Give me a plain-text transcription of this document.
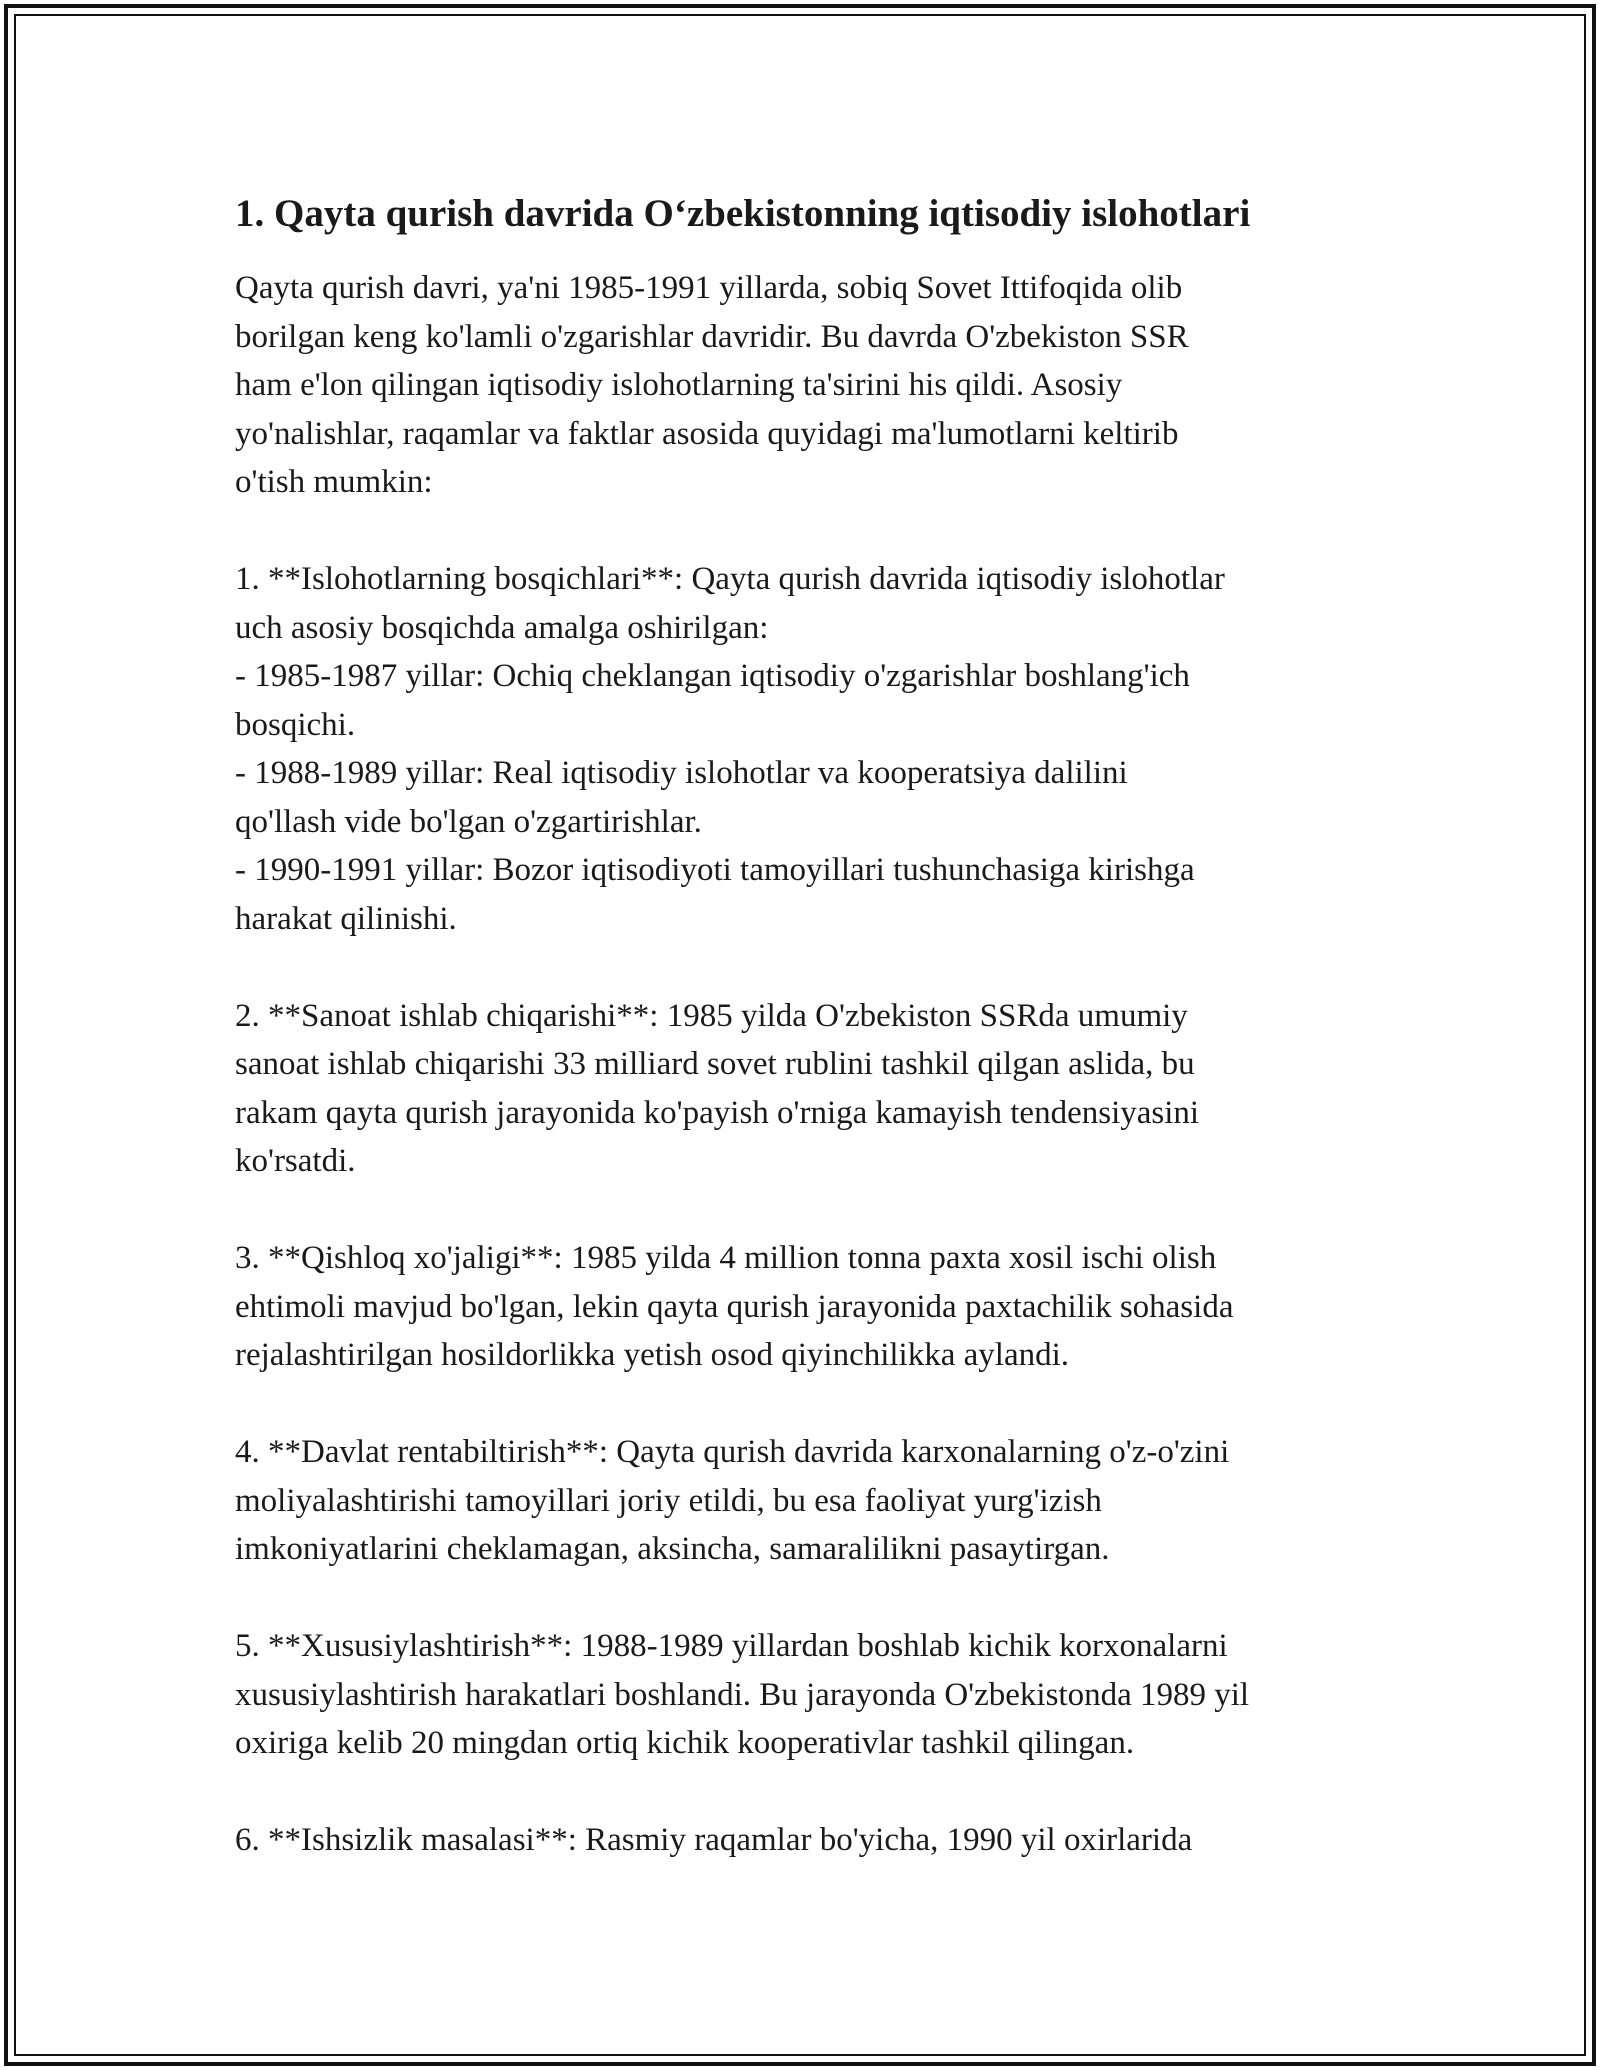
1. Qayta qurish davrida O‘zbekistonning iqtisodiy islohotlari

Qayta qurish davri, ya'ni 1985-1991 yillarda, sobiq Sovet Ittifoqida olib
borilgan keng ko'lamli o'zgarishlar davridir. Bu davrda O'zbekiston SSR
ham e'lon qilingan iqtisodiy islohotlarning ta'sirini his qildi. Asosiy
yo'nalishlar, raqamlar va faktlar asosida quyidagi ma'lumotlarni keltirib
o'tish mumkin:

1. **Islohotlarning bosqichlari**: Qayta qurish davrida iqtisodiy islohotlar
uch asosiy bosqichda amalga oshirilgan:
- 1985-1987 yillar: Ochiq cheklangan iqtisodiy o'zgarishlar boshlang'ich
bosqichi.
- 1988-1989 yillar: Real iqtisodiy islohotlar va kooperatsiya dalilini
qo'llash vide bo'lgan o'zgartirishlar.
- 1990-1991 yillar: Bozor iqtisodiyoti tamoyillari tushunchasiga kirishga
harakat qilinishi.

2. **Sanoat ishlab chiqarishi**: 1985 yilda O'zbekiston SSRda umumiy
sanoat ishlab chiqarishi 33 milliard sovet rublini tashkil qilgan aslida, bu
rakam qayta qurish jarayonida ko'payish o'rniga kamayish tendensiyasini
ko'rsatdi.

3. **Qishloq xo'jaligi**: 1985 yilda 4 million tonna paxta xosil ischi olish
ehtimoli mavjud bo'lgan, lekin qayta qurish jarayonida paxtachilik sohasida
rejalashtirilgan hosildorlikka yetish osod qiyinchilikka aylandi.

4. **Davlat rentabiltirish**: Qayta qurish davrida karxonalarning o'z-o'zini
moliyalashtirishi tamoyillari joriy etildi, bu esa faoliyat yurg'izish
imkoniyatlarini cheklamagan, aksincha, samaralilikni pasaytirgan.

5. **Xususiylashtirish**: 1988-1989 yillardan boshlab kichik korxonalarni
xususiylashtirish harakatlari boshlandi. Bu jarayonda O'zbekistonda 1989 yil
oxiriga kelib 20 mingdan ortiq kichik kooperativlar tashkil qilingan.

6. **Ishsizlik masalasi**: Rasmiy raqamlar bo'yicha, 1990 yil oxirlarida
